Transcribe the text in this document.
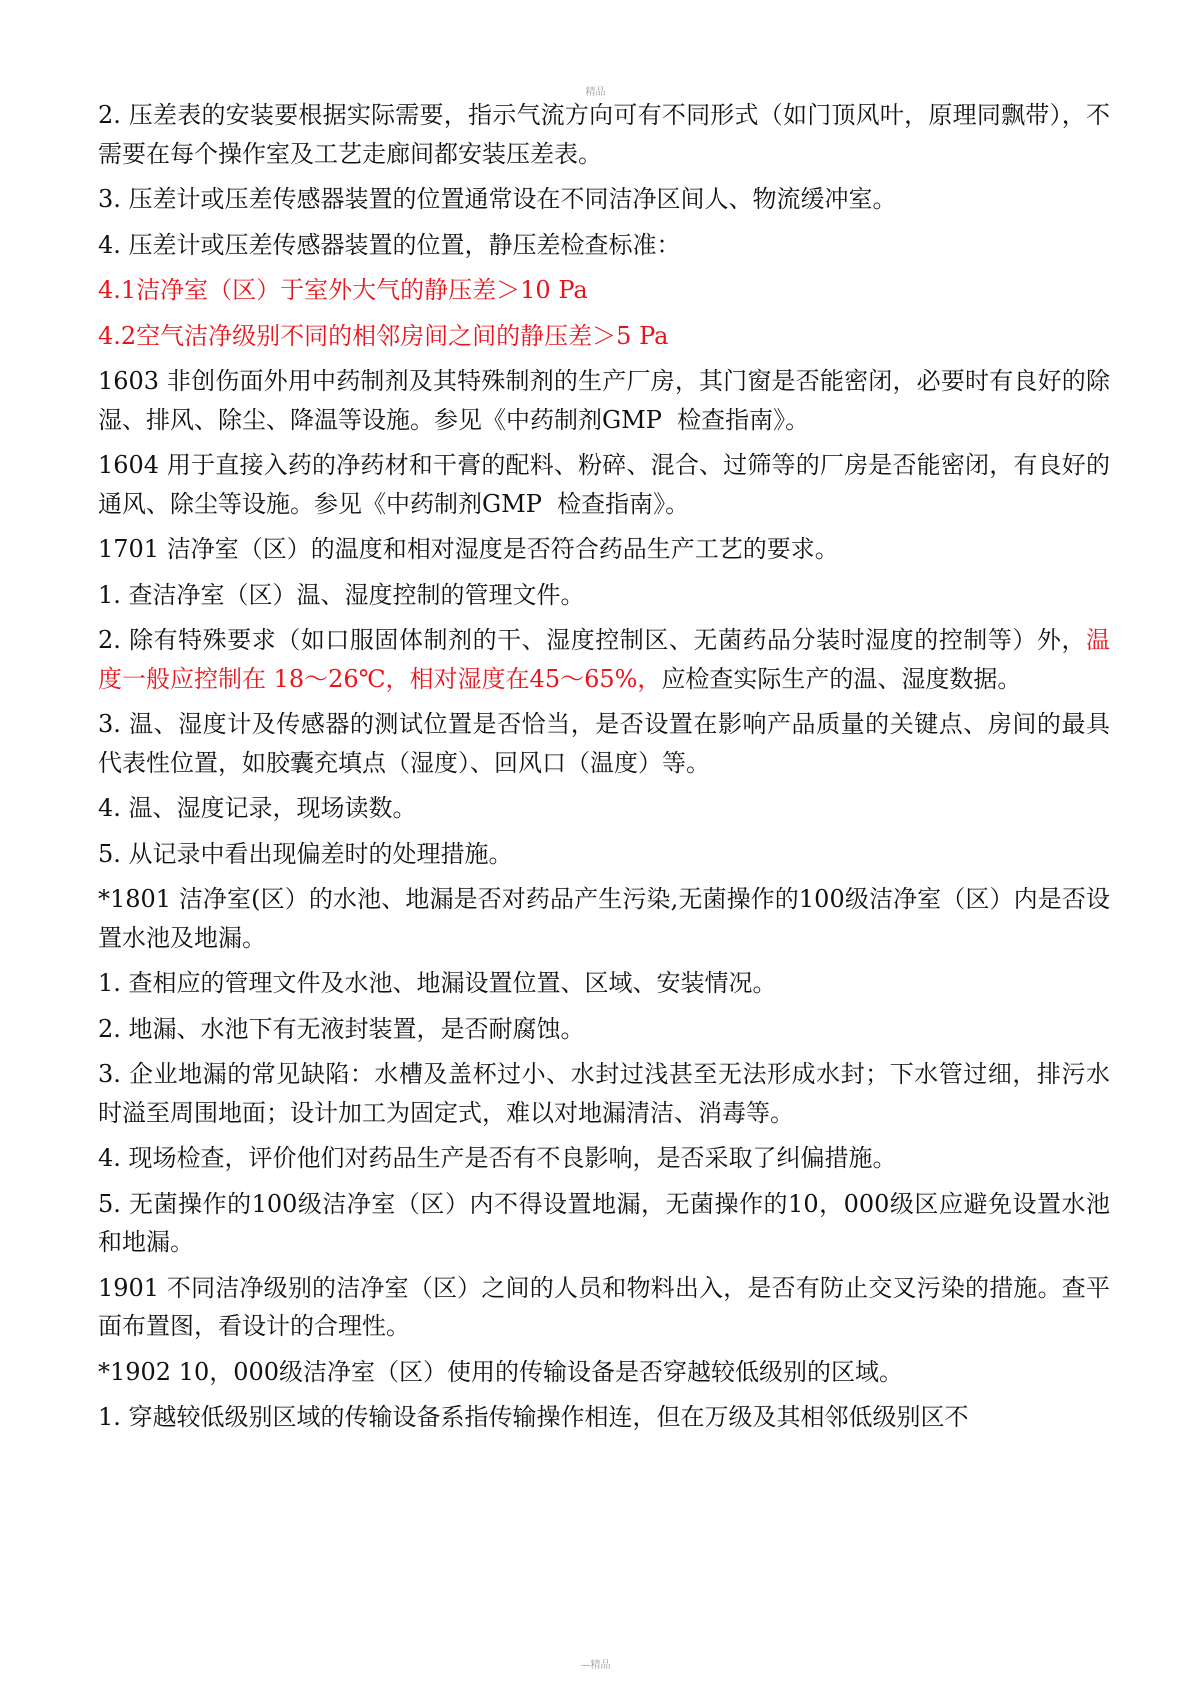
精品

2. 压差表的安装要根据实际需要，指示气流方向可有不同形式（如门顶风叶，原理同飘带），不需要在每个操作室及工艺走廊间都安装压差表。

3. 压差计或压差传感器装置的位置通常设在不同洁净区间人、物流缓冲室。

4. 压差计或压差传感器装置的位置，静压差检查标准：

4.1洁净室（区）于室外大气的静压差＞10 Pa

4.2空气洁净级别不同的相邻房间之间的静压差＞5 Pa

1603 非创伤面外用中药制剂及其特殊制剂的生产厂房，其门窗是否能密闭，必要时有良好的除湿、排风、除尘、降温等设施。参见《中药制剂GMP  检查指南》。

1604 用于直接入药的净药材和干膏的配料、粉碎、混合、过筛等的厂房是否能密闭，有良好的通风、除尘等设施。参见《中药制剂GMP  检查指南》。

1701 洁净室（区）的温度和相对湿度是否符合药品生产工艺的要求。

1. 查洁净室（区）温、湿度控制的管理文件。

2. 除有特殊要求（如口服固体制剂的干、湿度控制区、无菌药品分装时湿度的控制等）外，温度一般应控制在 18～26℃，相对湿度在45～65%，应检查实际生产的温、湿度数据。

3. 温、湿度计及传感器的测试位置是否恰当，是否设置在影响产品质量的关键点、房间的最具代表性位置，如胶囊充填点（湿度）、回风口（温度）等。

4. 温、湿度记录，现场读数。

5. 从记录中看出现偏差时的处理措施。

*1801 洁净室(区）的水池、地漏是否对药品产生污染,无菌操作的100级洁净室（区）内是否设置水池及地漏。

1. 查相应的管理文件及水池、地漏设置位置、区域、安装情况。

2. 地漏、水池下有无液封装置，是否耐腐蚀。

3. 企业地漏的常见缺陷：水槽及盖杯过小、水封过浅甚至无法形成水封；下水管过细，排污水时溢至周围地面；设计加工为固定式，难以对地漏清洁、消毒等。

4. 现场检查，评价他们对药品生产是否有不良影响，是否采取了纠偏措施。

5. 无菌操作的100级洁净室（区）内不得设置地漏，无菌操作的10，000级区应避免设置水池和地漏。

1901 不同洁净级别的洁净室（区）之间的人员和物料出入，是否有防止交叉污染的措施。查平面布置图，看设计的合理性。

*1902 10，000级洁净室（区）使用的传输设备是否穿越较低级别的区域。

1. 穿越较低级别区域的传输设备系指传输操作相连，但在万级及其相邻低级别区不

—精品
